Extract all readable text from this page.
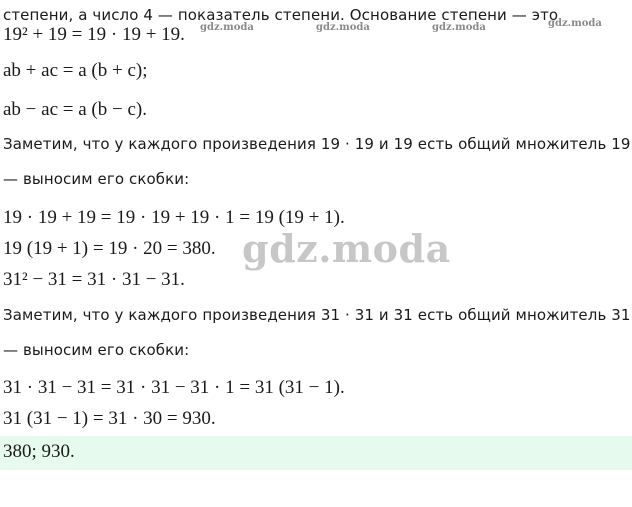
степени, а число 4 — показатель степени. Основание степени — это
19² + 19 = 19 · 19 + 19. gdz.moda	gdz.moda	gdz.moda	gdz.moda
ab + ac = a (b + c);
ab − ac = a (b − c).
Заметим, что у каждого произведения 19 · 19 и 19 есть общий множитель 19
— выносим его скобки:
19 · 19 + 19 = 19 · 19 + 19 · 1 = 19 (19 + 1).
19 (19 + 1) = 19 · 20 = 380. gdz.moda
31² − 31 = 31 · 31 − 31.
Заметим, что у каждого произведения 31 · 31 и 31 есть общий множитель 31
— выносим его скобки:
31 · 31 − 31 = 31 · 31 − 31 · 1 = 31 (31 − 1).
31 (31 − 1) = 31 · 30 = 930.
380; 930.
